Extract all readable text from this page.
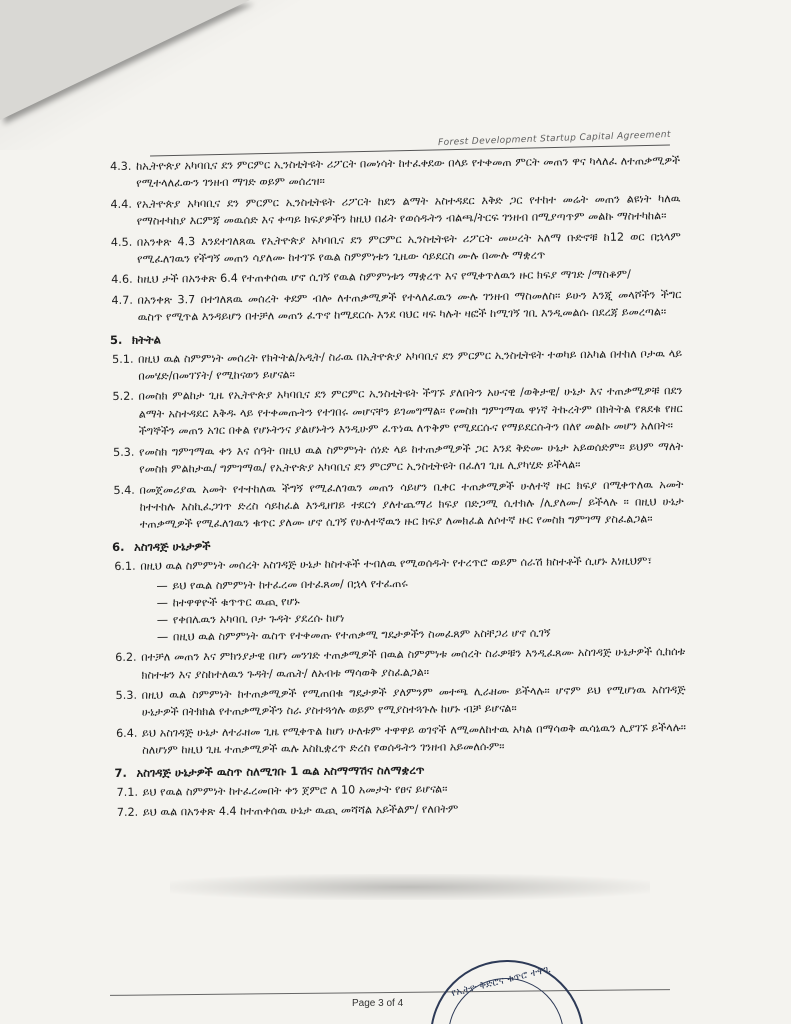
Forest Development Startup Capital Agreement
4.3. ከኢትዮጵያ አካባቢና ደን ምርምር ኢንስቲትዩት ሪፖርት በመነሳት ከተፈቀደው በላይ የተቀመጠ ምርት መጠን ዋና ካላለፈ ለተጠቃሚዎች የሚተላለፈውን ገንዘብ ማገድ ወይም መሰረዝ።
4.4. የኢትዮጵያ አካባቢና ደን ምርምር ኢንስቲትዩት ሪፖርት ከደን ልማት አስተዳደር እቅድ ጋር የተከተ መሬት መጠን ልዩነት ካለዉ የማስተካከያ እርምጃ መዉሰድ እና ቀጣይ ክፍያዎችን ከዚህ በፊት የወሰዱትን ብልጫ/ትርፍ ገንዘብ በሚያጣጥም መልኩ ማስተካከል።
4.5. በአንቀጽ 4.3 እንደተገለጸዉ የኢትዮጵያ አካባቢና ደን ምርምር ኢንስቲትዩት ሪፖርት መሠረት አለማ ቡድኖቹ ከ12 ወር በኋላም የሚፈለገዉን የችግኝ መጠን ሳያለሙ ከተገኙ የዉል ስምምነቱን ጊዜው ሳይደርስ ሙሉ በሙሉ ማቋረጥ
4.6. ከዚህ ታች በአንቀጽ 6.4 የተጠቀሰዉ ሆኖ ሲገኝ የዉል ስምምነቱን ማቋረጥ እና የሚቀጥለዉን ዙር ክፍያ ማገድ /ማስቆም/
4.7. በአንቀጽ 3.7 በተገለጸዉ መሰረት ቀደም ብሎ ለተጠቃሚዎች የተላለፈዉን ሙሉ ገንዘብ ማስመለስ። ይሁን እንጂ መላሾችን ችግር ዉስጥ የሚጥል እንዳይሆን በተቻለ መጠን ፈጥኖ ከሚደርሱ እንደ ባህር ዛፍ ካሉት ዛፎች ከሚገኝ ገቢ እንዲመልሱ በደረጃ ይመረጣል።
5. ክትትል
5.1. በዚህ ዉል ስምምነት መሰረት የክትትል/አዲት/ ስራዉ በኢትዮጵያ አካባቢና ደን ምርምር ኢንስቲትዩት ተወካይ በአካል በተከለ ቦታዉ ላይ በመሄድ/በመገኘት/ የሚከናወን ይሆናል።
5.2. በመስክ ምልከታ ጊዜ የኢትዮጵያ አካባቢና ደን ምርምር ኢንስቲትዩት ችግኙ ያለበትን አሁናዊ /ወቅታዊ/ ሁኔታ እና ተጠቃሚዎቹ በደን ልማት አስተዳደር እቅዱ ላይ የተቀመጡትን የተገበሩ መሆናቸን ይገመግማል። የመስክ ግምገማዉ ዋነኛ ትኩረትም በክትትል የጸደቁ የዘር ችግኞችን መጠን አገር በቀል የሆኑትንና ያልሆኑትን እንዲሁም ፈጥነዉ ለጥቅም የሚደርሱና የማይደርሱትን በለየ መልኩ መሆን አለበት።
5.3. የመስክ ግምገማዉ ቀን እና ሰዓት በዚህ ዉል ስምምነት ሰነድ ላይ ከተጠቃሚዎች ጋር እንደ ቅድሙ ሁኔታ አይወሰድም። ይህም ማለት የመስክ ምልከታዉ/ ግምገማዉ/ የኢትዮጵያ አካባቢና ደን ምርምር ኢንስቲትዩት በፈለገ ጊዜ ሊያካሂድ ይችላል።
5.4. በመጀመሪያዉ አመት የተተከለዉ ችግኝ የሚፈለገዉን መጠን ሳይሆን ቢቀር ተጠቃሚዎች ሁለተኛ ዙር ክፍያ በሚቀጥለዉ አመት ከተተከሉ እስኪፈጋገጥ ድረስ ሳይከፈል እንዲዘገይ ተደርጎ ያለተጨማሪ ክፍያ በድጋሚ ሲተክሉ /ሊያለሙ/ ይችላሉ ። በዚህ ሁኔታ ተጠቃሚዎች የሚፈለገዉን ቁጥር ያለሙ ሆኖ ሲገኝ የሁለተኛዉን ዙር ክፍያ ለመክፈል ለሶተኛ ዙር የመስክ ግምገማ ያስፈልጋል።
6. አስገዳጅ ሁኔታዎች
6.1. በዚህ ዉል ስምምነት መሰረት አስገዳጅ ሁኔታ ከስተቶች ተብለዉ የሚወሰዱት የተረጥሮ ወይም ሰራሽ ክስተቶች ሲሆኑ እነዚህም፣
— ይህ የዉል ስምምነት ከተፈረመ በተፈጸመ/ በኋላ የተፈጠሩ
— ከተዋዋዮች ቁጥጥር ዉጪ የሆኑ
— የቀበሌዉን አካባቢ ቦታ ጉዳት ያደረሱ ከሆነ
— በዚህ ዉል ስምምነት ዉስጥ የተቀመጡ የተጠቃሚ ግዴታዎችን ስመፈጸም አስቸጋሪ ሆኖ ሲገኝ
6.2. በተቻለ መጠን እና ምክንያታዊ በሆነ መንገድ ተጠቃሚዎች በዉል ስምምነቱ መሰረት ስራዎቹን እንዲፈጸሙ አስገዳጅ ሁኔታዎች ሲከሰቱ ክስተቱን እና ያስከተለዉን ጉዳት/ ዉጤት/ ለአብቱ ማሳወቅ ያስፈልጋል።
5.3. በዚህ ዉል ስምምነት ከተጠቃሚዎች የሚጠበቁ ግዴታዎች ያለምንም መተጫ ሊራዘሙ ይችላሉ። ሆኖም ይህ የሚሆነዉ አስገዳጅ ሁኔታዎች በትክክል የተጠቃሚዎችን ስራ ያስተጓጎሉ ወይም የሚያስተጓጉሉ ከሆኑ ብቻ ይሆናል።
6.4. ይህ አስገዳጅ ሁኔታ ለተራዘመ ጊዜ የሚቀጥል ከሆነ ሁለቱም ተዋዋይ ወገኖች ለሚመለከተዉ አካል በማሳወቅ ዉሳኔዉን ሊያገኙ ይችላሉ። ስለሆነም ከዚህ ጊዜ ተጠቃሚዎች ዉሉ እስኪቋረጥ ድረስ የወሰዱትን ገንዘብ አይመለሱም።
7. አስገዳጅ ሁኔታዎች ዉስጥ ስለሚገቡ 1 ዉል አስማማሽና ስለማቋረጥ
7.1. ይህ የዉል ስምምነት ከተፈረመበት ቀን ጀምሮ ለ 10 አመታት የፀና ይሆናል።
7.2. ይህ ዉል በአንቀጽ 4.4 ከተጠቀሰዉ ሁኔታ ዉጪ መሻሻል አይችልም/ የለበትም
Page 3 of 4
የኢትዮ ቅድሮና ቁጥሮ ተዋጊ
